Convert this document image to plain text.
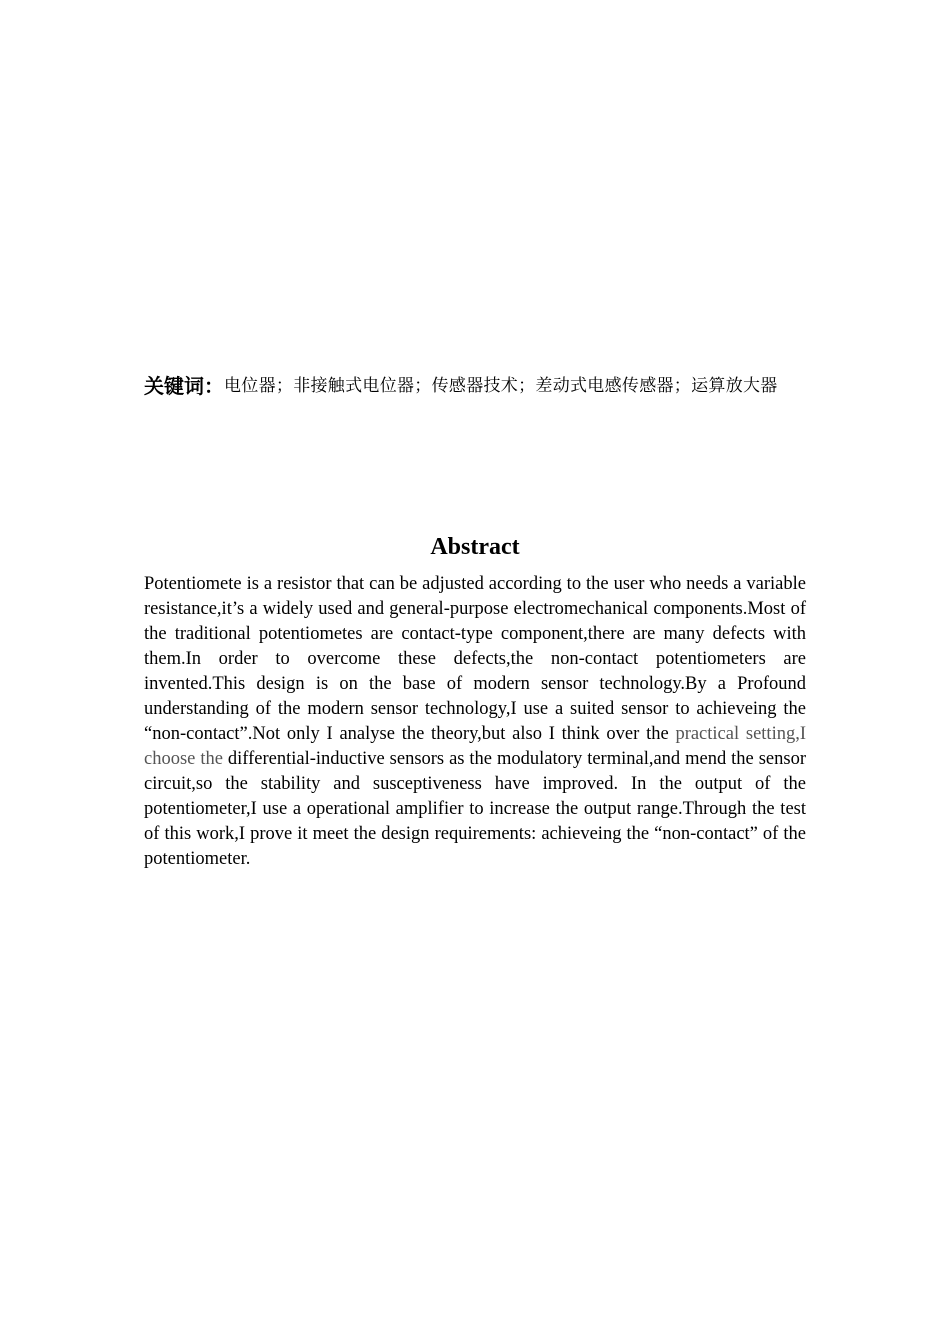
关键词： 电位器；非接触式电位器；传感器技术；差动式电感传感器；运算放大器
Abstract

Potentiomete is a resistor that can be adjusted according to the user who needs a variable resistance,it’s a widely used and general-purpose electromechanical components.Most of the traditional potentiometes are contact-type component,there are many defects with them.In order to overcome these defects,the non-contact potentiometers are invented.This design is on the base of modern sensor technology.By a Profound understanding of the modern sensor technology,I use a suited sensor to achieveing the “non-contact”.Not only I analyse the theory,but also I think over the practical setting,I choose the differential-inductive sensors as the modulatory terminal,and mend the sensor circuit,so the stability and susceptiveness have improved. In the output of the potentiometer,I use a operational amplifier to increase the output range.Through the test of this work,I prove it meet the design requirements: achieveing the “non-contact” of the potentiometer.
